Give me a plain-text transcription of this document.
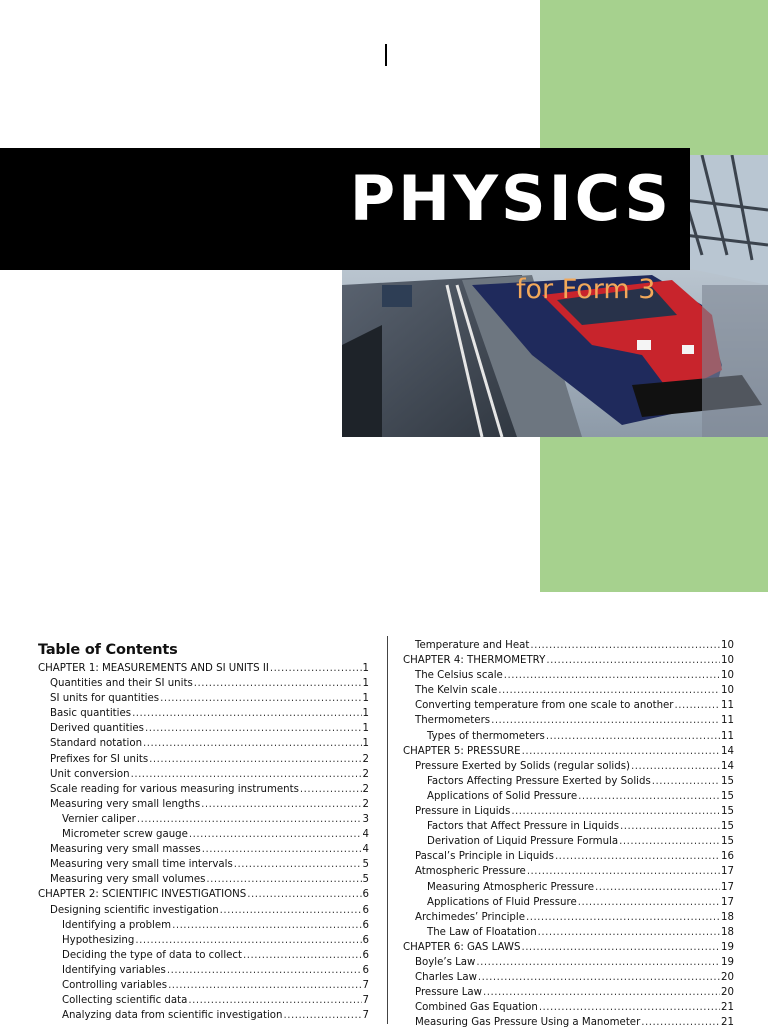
PHYSICS
for Form 3
Table of Contents
CHAPTER 1: MEASUREMENTS AND SI UNITS II .....	1
Quantities and their SI units .....	1
SI units for quantities .....	1
Basic quantities .....	1
Derived quantities .....	1
Standard notation .....	1
Prefixes for SI units .....	2
Unit conversion .....	2
Scale reading for various measuring instruments .....	2
Measuring very small lengths .....	2
Vernier caliper .....	3
Micrometer screw gauge .....	4
Measuring very small masses .....	4
Measuring very small time intervals .....	5
Measuring very small volumes .....	5
CHAPTER 2: SCIENTIFIC INVESTIGATIONS .....	6
Designing scientific investigation .....	6
Identifying a problem .....	6
Hypothesizing .....	6
Deciding the type of data to collect .....	6
Identifying variables .....	6
Controlling variables .....	7
Collecting scientific data .....	7
Analyzing data from scientific investigation .....	7
Temperature and Heat .....	10
CHAPTER 4: THERMOMETRY .....	10
The Celsius scale .....	10
The Kelvin scale .....	10
Converting temperature from one scale to another .....	11
Thermometers .....	11
Types of thermometers .....	11
CHAPTER 5: PRESSURE .....	14
Pressure Exerted by Solids (regular solids) .....	14
Factors Affecting Pressure Exerted by Solids .....	15
Applications of Solid Pressure .....	15
Pressure in Liquids .....	15
Factors that Affect Pressure in Liquids .....	15
Derivation of Liquid Pressure Formula .....	15
Pascal’s Principle in Liquids .....	16
Atmospheric Pressure .....	17
Measuring Atmospheric Pressure .....	17
Applications of Fluid Pressure .....	17
Archimedes’ Principle .....	18
The Law of Floatation .....	18
CHAPTER 6: GAS LAWS .....	19
Boyle’s Law .....	19
Charles Law .....	20
Pressure Law .....	20
Combined Gas Equation .....	21
Measuring Gas Pressure Using a Manometer .....	21
